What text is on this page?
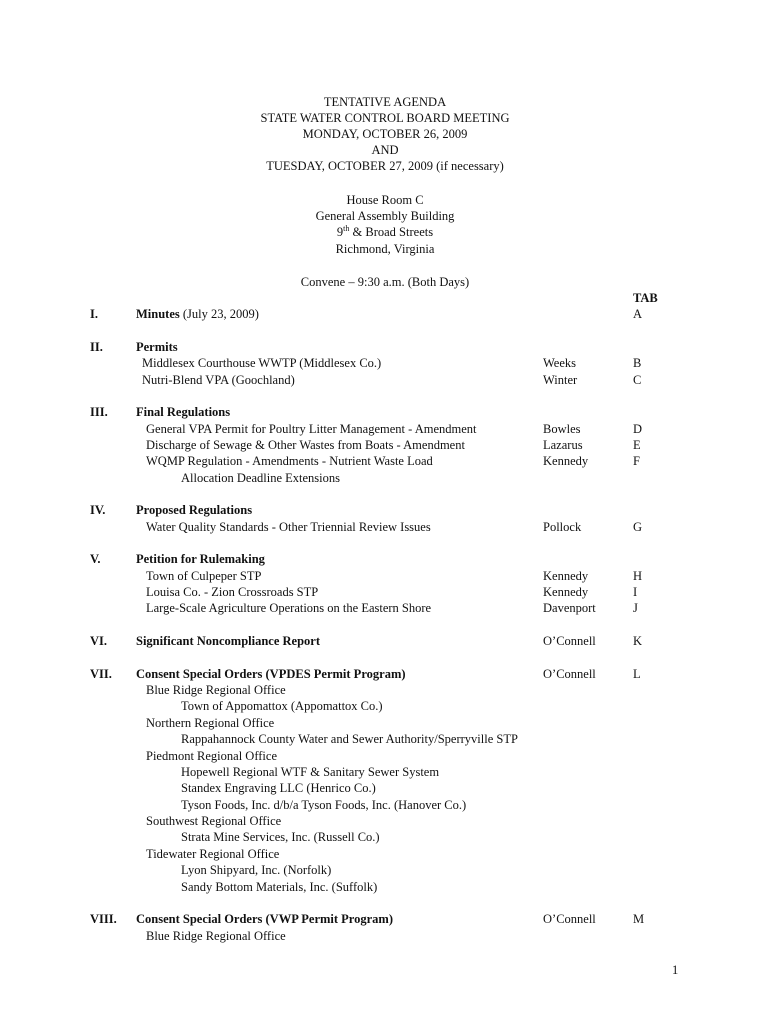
TENTATIVE AGENDA
STATE WATER CONTROL BOARD MEETING
MONDAY, OCTOBER 26, 2009
AND
TUESDAY, OCTOBER 27, 2009 (if necessary)
House Room C
General Assembly Building
9th & Broad Streets
Richmond, Virginia
Convene – 9:30 a.m. (Both Days)
TAB
I.	Minutes (July 23, 2009)	A
II.	Permits
Middlesex Courthouse WWTP (Middlesex Co.)	Weeks	B
Nutri-Blend VPA (Goochland)	Winter	C
III. Final Regulations
General VPA Permit for Poultry Litter Management - Amendment	Bowles	D
Discharge of Sewage & Other Wastes from Boats - Amendment	Lazarus	E
WQMP Regulation - Amendments - Nutrient Waste Load	Kennedy	F
Allocation Deadline Extensions
IV. Proposed Regulations
Water Quality Standards - Other Triennial Review Issues	Pollock	G
V.	Petition for Rulemaking
Town of Culpeper STP	Kennedy	H
Louisa Co. - Zion Crossroads STP	Kennedy	I
Large-Scale Agriculture Operations on the Eastern Shore	Davenport	J
VI. Significant Noncompliance Report	O’Connell	K
VII. Consent Special Orders (VPDES Permit Program)	O’Connell	L
Blue Ridge Regional Office
Town of Appomattox (Appomattox Co.)
Northern Regional Office
Rappahannock County Water and Sewer Authority/Sperryville STP
Piedmont Regional Office
Hopewell Regional WTF & Sanitary Sewer System
Standex Engraving LLC (Henrico Co.)
Tyson Foods, Inc. d/b/a Tyson Foods, Inc. (Hanover Co.)
Southwest Regional Office
Strata Mine Services, Inc. (Russell Co.)
Tidewater Regional Office
Lyon Shipyard, Inc. (Norfolk)
Sandy Bottom Materials, Inc. (Suffolk)
VIII. Consent Special Orders (VWP Permit Program)	O’Connell	M
Blue Ridge Regional Office
1
